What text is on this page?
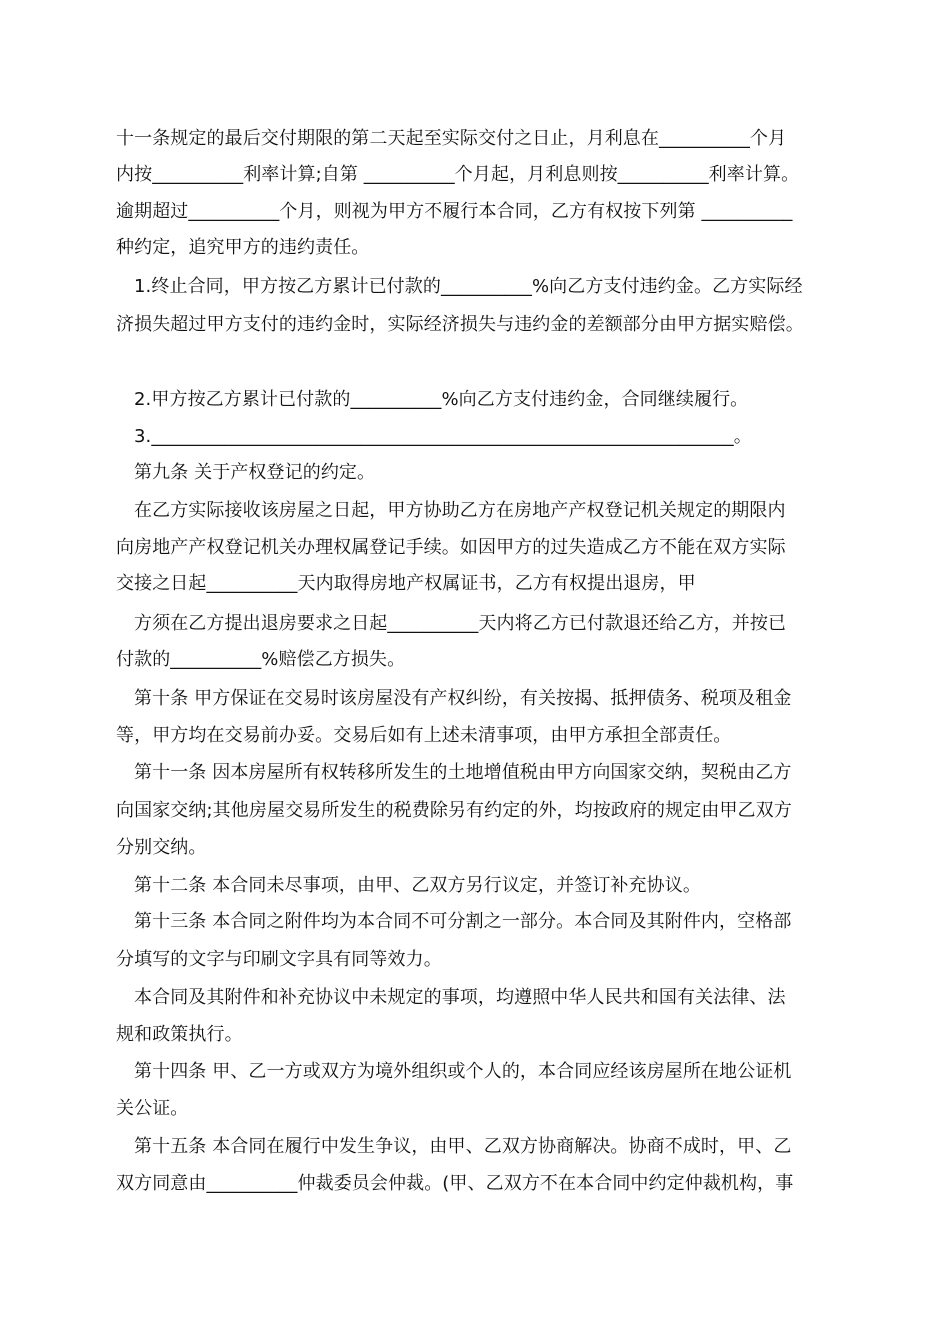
十一条规定的最后交付期限的第二天起至实际交付之日止，月利息在__________个月
内按__________利率计算;自第 __________个月起，月利息则按__________利率计算。
逾期超过__________个月，则视为甲方不履行本合同，乙方有权按下列第 __________
种约定，追究甲方的违约责任。
1.终止合同，甲方按乙方累计已付款的__________%向乙方支付违约金。乙方实际经
济损失超过甲方支付的违约金时，实际经济损失与违约金的差额部分由甲方据实赔偿。
2.甲方按乙方累计已付款的__________%向乙方支付违约金，合同继续履行。
3.________________________________________________________________。
第九条 关于产权登记的约定。
在乙方实际接收该房屋之日起，甲方协助乙方在房地产产权登记机关规定的期限内
向房地产产权登记机关办理权属登记手续。如因甲方的过失造成乙方不能在双方实际
交接之日起__________天内取得房地产权属证书，乙方有权提出退房，甲
方须在乙方提出退房要求之日起__________天内将乙方已付款退还给乙方，并按已
付款的__________%赔偿乙方损失。
第十条 甲方保证在交易时该房屋没有产权纠纷，有关按揭、抵押债务、税项及租金
等，甲方均在交易前办妥。交易后如有上述未清事项，由甲方承担全部责任。
第十一条 因本房屋所有权转移所发生的土地增值税由甲方向国家交纳，契税由乙方
向国家交纳;其他房屋交易所发生的税费除另有约定的外，均按政府的规定由甲乙双方
分别交纳。
第十二条 本合同未尽事项，由甲、乙双方另行议定，并签订补充协议。
第十三条 本合同之附件均为本合同不可分割之一部分。本合同及其附件内，空格部
分填写的文字与印刷文字具有同等效力。
本合同及其附件和补充协议中未规定的事项，均遵照中华人民共和国有关法律、法
规和政策执行。
第十四条 甲、乙一方或双方为境外组织或个人的，本合同应经该房屋所在地公证机
关公证。
第十五条 本合同在履行中发生争议，由甲、乙双方协商解决。协商不成时，甲、乙
双方同意由__________仲裁委员会仲裁。(甲、乙双方不在本合同中约定仲裁机构，事
